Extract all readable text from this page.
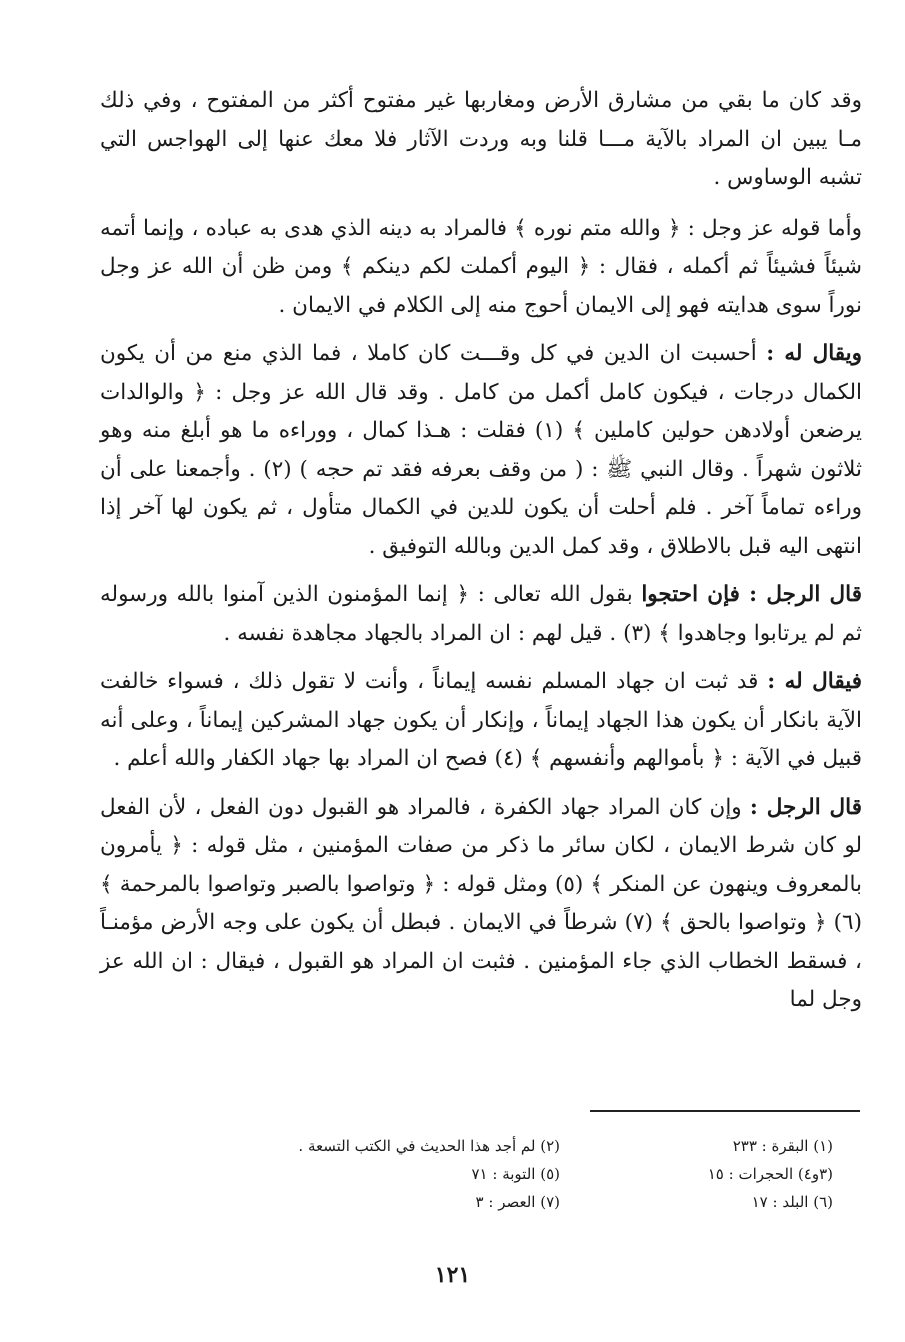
وقد كان ما بقي من مشارق الأرض ومغاربها غير مفتوح أكثر من المفتوح ، وفي ذلك مـا يبين ان المراد بالآية مـــا قلنا وبه وردت الآثار فلا معك عنها إلى الهواجس التي تشبه الوساوس .

وأما قوله عز وجل : ﴿ والله متم نوره ﴾ فالمراد به دينه الذي هدى به عباده ، وإنما أتمه شيئاً فشيئاً ثم أكمله ، فقال : ﴿ اليوم أكملت لكم دينكم ﴾ ومن ظن أن الله عز وجل نوراً سوى هدايته فهو إلى الايمان أحوج منه إلى الكلام في الايمان .

ويقال له : أحسبت ان الدين في كل وقـــت كان كاملا ، فما الذي منع من أن يكون الكمال درجات ، فيكون كامل أكمل من كامل . وقد قال الله عز وجل : ﴿ والوالدات يرضعن أولادهن حولين كاملين ﴾ (١) فقلت : هـذا كمال ، ووراءه ما هو أبلغ منه وهو ثلاثون شهراً . وقال النبي ﷺ : ( من وقف بعرفه فقد تم حجه ) (٢) . وأجمعنا على أن وراءه تماماً آخر . فلم أحلت أن يكون للدين في الكمال متأول ، ثم يكون لها آخر إذا انتهى اليه قبل بالاطلاق ، وقد كمل الدين وبالله التوفيق .

قال الرجل : فإن احتجوا بقول الله تعالى : ﴿ إنما المؤمنون الذين آمنوا بالله ورسوله ثم لم يرتابوا وجاهدوا ﴾ (٣) . قيل لهم : ان المراد بالجهاد مجاهدة نفسه .

فيقال له : قد ثبت ان جهاد المسلم نفسه إيماناً ، وأنت لا تقول ذلك ، فسواء خالفت الآية بانكار أن يكون هذا الجهاد إيماناً ، وإنكار أن يكون جهاد المشركين إيماناً ، وعلى أنه قبيل في الآية : ﴿ بأموالهم وأنفسهم ﴾ (٤) فصح ان المراد بها جهاد الكفار والله أعلم .

قال الرجل : وإن كان المراد جهاد الكفرة ، فالمراد هو القبول دون الفعل ، لأن الفعل لو كان شرط الايمان ، لكان سائر ما ذكر من صفات المؤمنين ، مثل قوله : ﴿ يأمرون بالمعروف وينهون عن المنكر ﴾ (٥) ومثل قوله : ﴿ وتواصوا بالصبر وتواصوا بالمرحمة ﴾ (٦) ﴿ وتواصوا بالحق ﴾ (٧) شرطاً في الايمان . فبطل أن يكون على وجه الأرض مؤمنـاً ، فسقط الخطاب الذي جاء المؤمنين . فثبت ان المراد هو القبول ، فيقال : ان الله عز وجل لما

(١) البقرة : ٢٣٣
(٣و٤) الحجرات : ١٥
(٦) البلد : ١٧
(٢) لم أجد هذا الحديث في الكتب التسعة .
(٥) التوبة : ٧١
(٧) العصر : ٣
١٢١
